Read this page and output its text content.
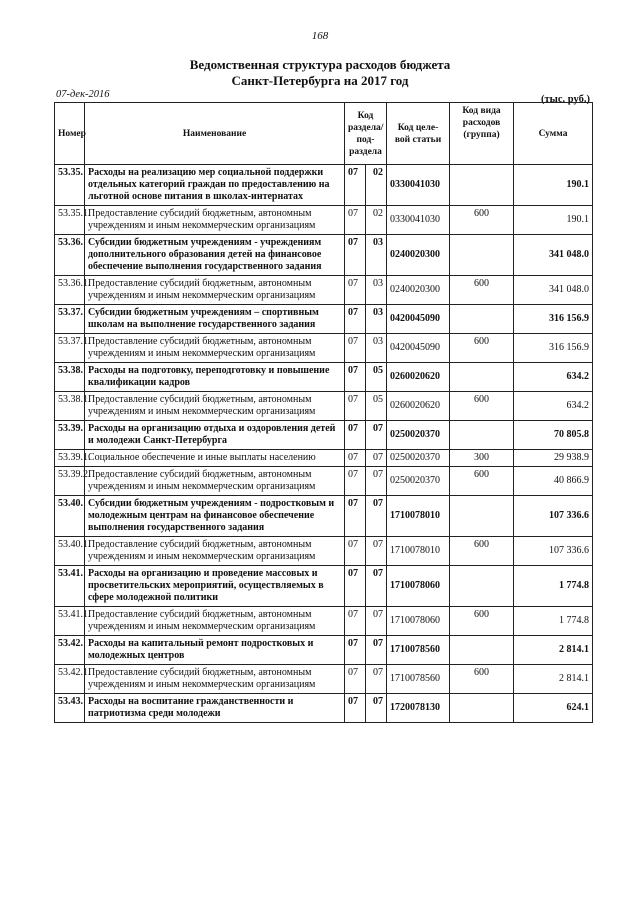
168
Ведомственная структура расходов бюджета
Санкт-Петербурга на 2017 год
07-дек-2016	(тыс. руб.)
Номер	Наименование	Код раздела/ под- раздела		Код целе- вой статьи	Код вида расходов (группа)	Сумма
53.35.	Расходы на реализацию мер социальной поддержки отдельных категорий граждан по предоставлению на льготной основе питания в школах-интернатах	07	02	0330041030		190.1
53.35.1.	Предоставление субсидий бюджетным, автономным учреждениям и иным некоммерческим организациям	07	02	0330041030	600	190.1
53.36.	Субсидии бюджетным учреждениям - учреждениям дополнительного образования детей на финансовое обеспечение выполнения государственного задания	07	03	0240020300		341 048.0
53.36.1.	Предоставление субсидий бюджетным, автономным учреждениям и иным некоммерческим организациям	07	03	0240020300	600	341 048.0
53.37.	Субсидии бюджетным учреждениям – спортивным школам на выполнение государственного задания	07	03	0420045090		316 156.9
53.37.1.	Предоставление субсидий бюджетным, автономным учреждениям и иным некоммерческим организациям	07	03	0420045090	600	316 156.9
53.38.	Расходы на подготовку, переподготовку и повышение квалификации кадров	07	05	0260020620		634.2
53.38.1.	Предоставление субсидий бюджетным, автономным учреждениям и иным некоммерческим организациям	07	05	0260020620	600	634.2
53.39.	Расходы на организацию отдыха и оздоровления детей и молодежи Санкт-Петербурга	07	07	0250020370		70 805.8
53.39.1.	Социальное обеспечение и иные выплаты населению	07	07	0250020370	300	29 938.9
53.39.2.	Предоставление субсидий бюджетным, автономным учреждениям и иным некоммерческим организациям	07	07	0250020370	600	40 866.9
53.40.	Субсидии бюджетным учреждениям - подростковым и молодежным центрам на финансовое обеспечение выполнения государственного задания	07	07	1710078010		107 336.6
53.40.1.	Предоставление субсидий бюджетным, автономным учреждениям и иным некоммерческим организациям	07	07	1710078010	600	107 336.6
53.41.	Расходы на организацию и проведение массовых и просветительских мероприятий, осуществляемых в сфере молодежной политики	07	07	1710078060		1 774.8
53.41.1.	Предоставление субсидий бюджетным, автономным учреждениям и иным некоммерческим организациям	07	07	1710078060	600	1 774.8
53.42.	Расходы на капитальный ремонт подростковых и молодежных центров	07	07	1710078560		2 814.1
53.42.1.	Предоставление субсидий бюджетным, автономным учреждениям и иным некоммерческим организациям	07	07	1710078560	600	2 814.1
53.43.	Расходы на воспитание гражданственности и патриотизма среди молодежи	07	07	1720078130		624.1
